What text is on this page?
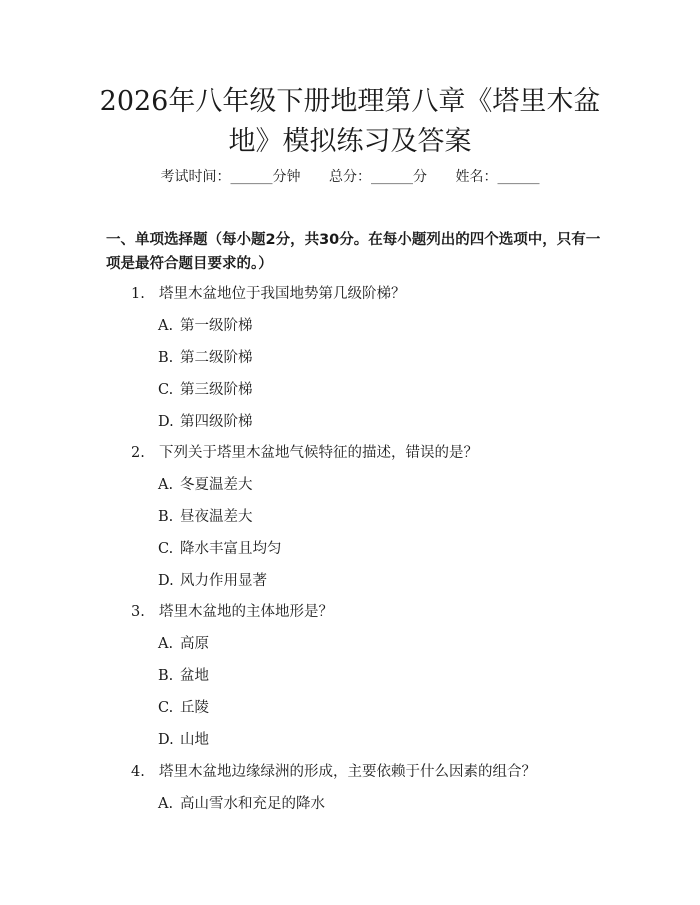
2026年八年级下册地理第八章《塔里木盆地》模拟练习及答案
考试时间：______分钟 总分：______分 姓名：______

一、单项选择题（每小题2分，共30分。在每小题列出的四个选项中，只有一项是最符合题目要求的。）

1. 塔里木盆地位于我国地势第几级阶梯？
A. 第一级阶梯
B. 第二级阶梯
C. 第三级阶梯
D. 第四级阶梯
2. 下列关于塔里木盆地气候特征的描述，错误的是？
A. 冬夏温差大
B. 昼夜温差大
C. 降水丰富且均匀
D. 风力作用显著
3. 塔里木盆地的主体地形是？
A. 高原
B. 盆地
C. 丘陵
D. 山地
4. 塔里木盆地边缘绿洲的形成，主要依赖于什么因素的组合？
A. 高山雪水和充足的降水
